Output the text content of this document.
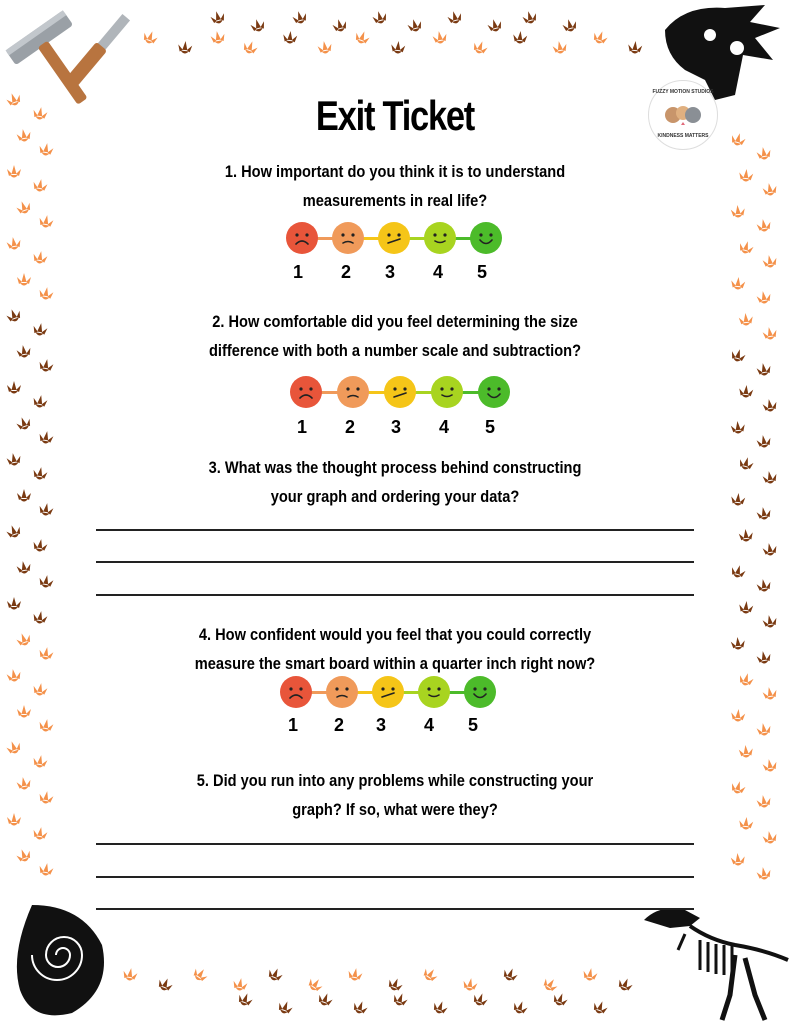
FUZZY MOTION STUDIOS
KINDNESS MATTERS
Exit Ticket
1. How important do you think it is to understand
measurements in real life?
2. How comfortable did you feel determining the size
difference with both a number scale and subtraction?
3. What was the thought process behind constructing
your graph and ordering your data?
4. How confident would you feel that you could correctly
measure the smart board within a quarter inch right now?
5. Did you run into any problems while constructing your
graph? If so, what were they?
1 2 3 4 5
1 2 3 4 5
1 2 3 4 5
